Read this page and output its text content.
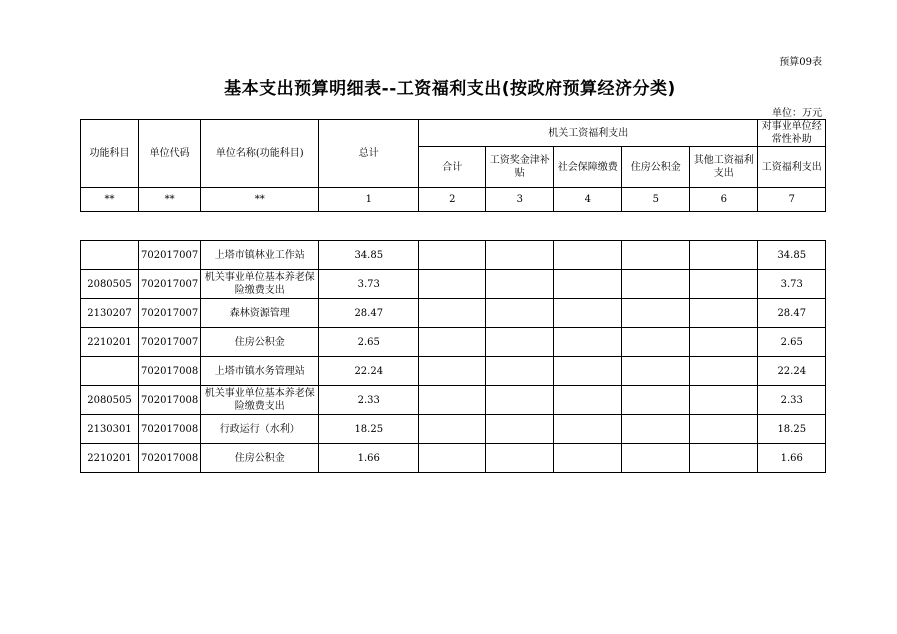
预算09表
基本支出预算明细表--工资福利支出(按政府预算经济分类)
单位：万元
功能科目	单位代码	单位名称(功能科目)	总计	机关工资福利支出					对事业单位经常性补助
				合计	工资奖金津补贴	社会保障缴费	住房公积金	其他工资福利支出	工资福利支出
**	**	**	1	2	3	4	5	6	7

	702017007	上塔市镇林业工作站	34.85						34.85
2080505	702017007	机关事业单位基本养老保险缴费支出	3.73						3.73
2130207	702017007	森林资源管理	28.47						28.47
2210201	702017007	住房公积金	2.65						2.65
	702017008	上塔市镇水务管理站	22.24						22.24
2080505	702017008	机关事业单位基本养老保险缴费支出	2.33						2.33
2130301	702017008	行政运行（水利）	18.25						18.25
2210201	702017008	住房公积金	1.66						1.66
